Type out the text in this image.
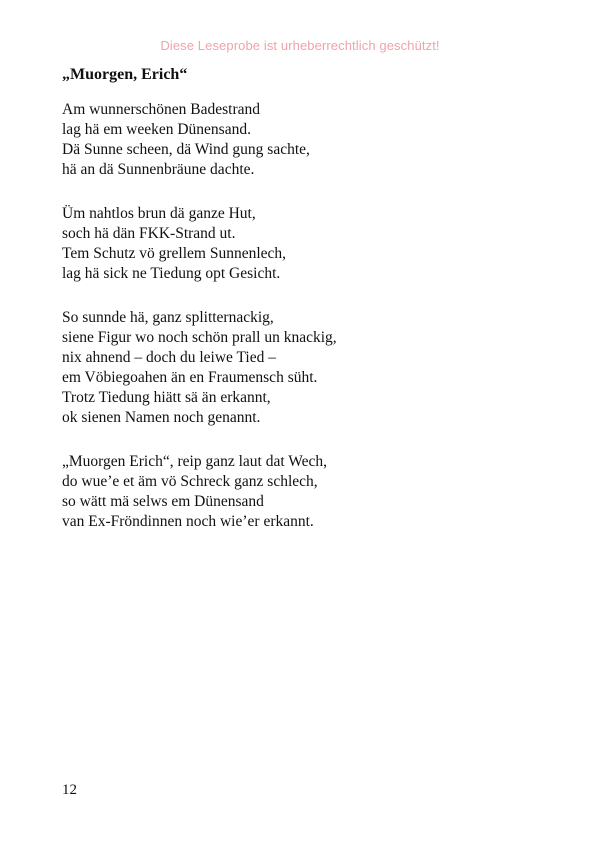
Diese Leseprobe ist urheberrechtlich geschützt!
„Muorgen, Erich“
Am wunnerschönen Badestrand
lag hä em weeken Dünensand.
Dä Sunne scheen, dä Wind gung sachte,
hä an dä Sunnenbräune dachte.
Üm nahtlos brun dä ganze Hut,
soch hä dän FKK-Strand ut.
Tem Schutz vö grellem Sunnenlech,
lag hä sick ne Tiedung opt Gesicht.
So sunnde hä, ganz splitternackig,
siene Figur wo noch schön prall un knackig,
nix ahnend – doch du leiwe Tied –
em Vöbiegoahen än en Fraumensch süht.
Trotz Tiedung hiätt sä än erkannt,
ok sienen Namen noch genannt.
„Muorgen Erich“, reip ganz laut dat Wech,
do wue’e et äm vö Schreck ganz schlech,
so wätt mä selws em Dünensand
van Ex-Fröndinnen noch wie’er erkannt.
12
